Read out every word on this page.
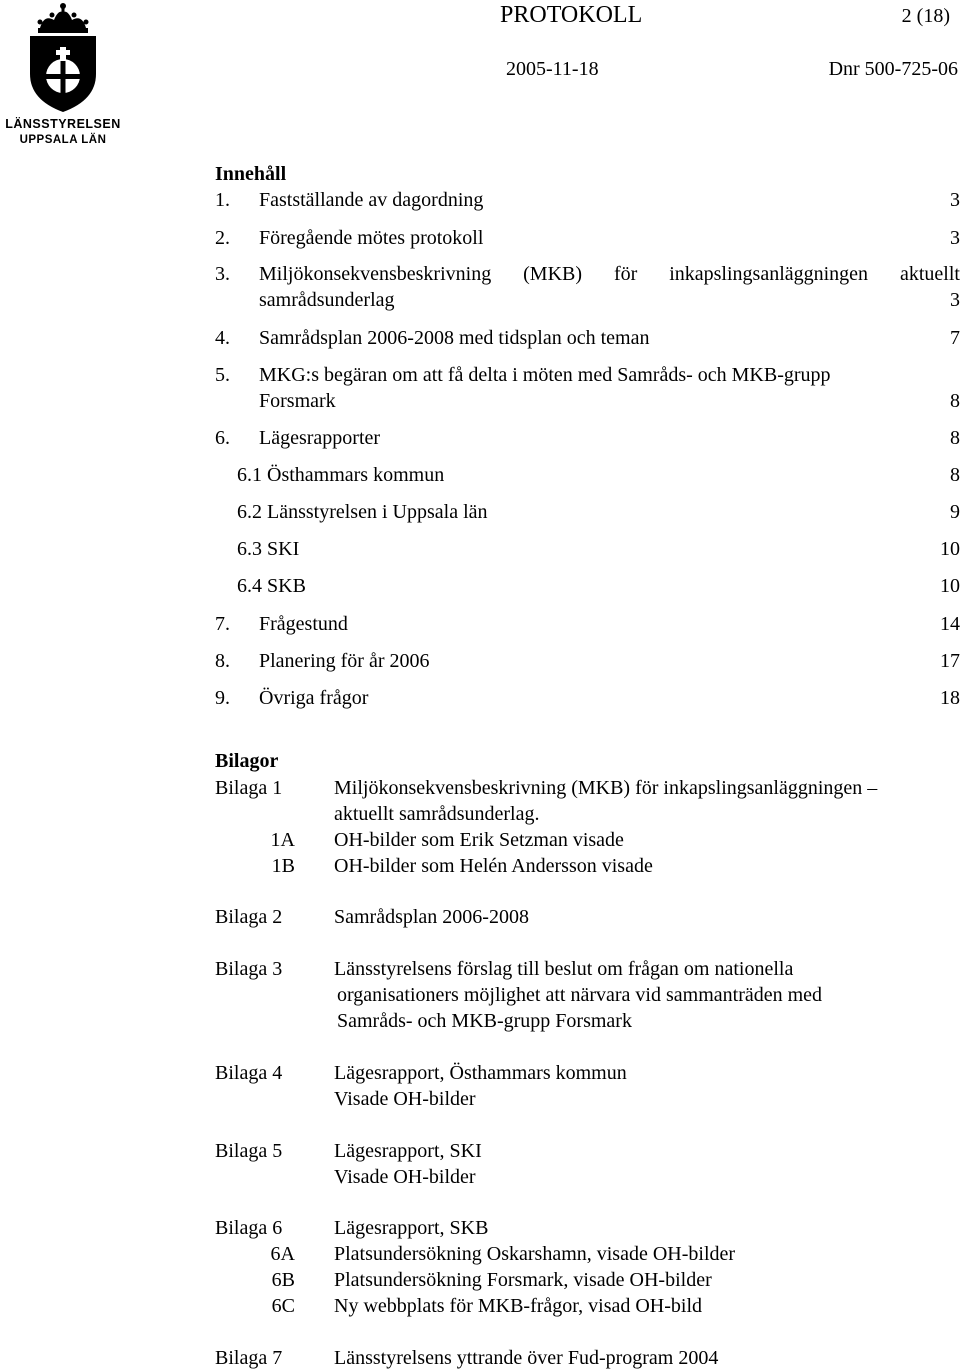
LÄNSSTYRELSEN
UPPSALA LÄN
PROTOKOLL	2 (18)
2005-11-18	Dnr 500-725-06
Innehåll
1. Fastställande av dagordning	3
2. Föregående mötes protokoll	3
3. Miljökonsekvensbeskrivning (MKB) för inkapslingsanläggningen aktuellt
samrådsunderlag	3
4. Samrådsplan 2006-2008 med tidsplan och teman	7
5. MKG:s begäran om att få delta i möten med Samråds- och MKB-grupp
Forsmark	8
6. Lägesrapporter	8
6.1 Östhammars kommun	8
6.2 Länsstyrelsen i Uppsala län	9
6.3 SKI	10
6.4 SKB	10
7. Frågestund	14
8. Planering för år 2006	17
9. Övriga frågor	18
Bilagor
Bilaga 1	Miljökonsekvensbeskrivning (MKB) för inkapslingsanläggningen –
aktuellt samrådsunderlag.
1A OH-bilder som Erik Setzman visade
1B OH-bilder som Helén Andersson visade
Bilaga 2	Samrådsplan 2006-2008
Bilaga 3	Länsstyrelsens förslag till beslut om frågan om nationella
organisationers möjlighet att närvara vid sammanträden med
Samråds- och MKB-grupp Forsmark
Bilaga 4	Lägesrapport, Östhammars kommun
Visade OH-bilder
Bilaga 5	Lägesrapport, SKI
Visade OH-bilder
Bilaga 6	Lägesrapport, SKB
6A Platsundersökning Oskarshamn, visade OH-bilder
6B Platsundersökning Forsmark, visade OH-bilder
6C Ny webbplats för MKB-frågor, visad OH-bild
Bilaga 7	Länsstyrelsens yttrande över Fud-program 2004
